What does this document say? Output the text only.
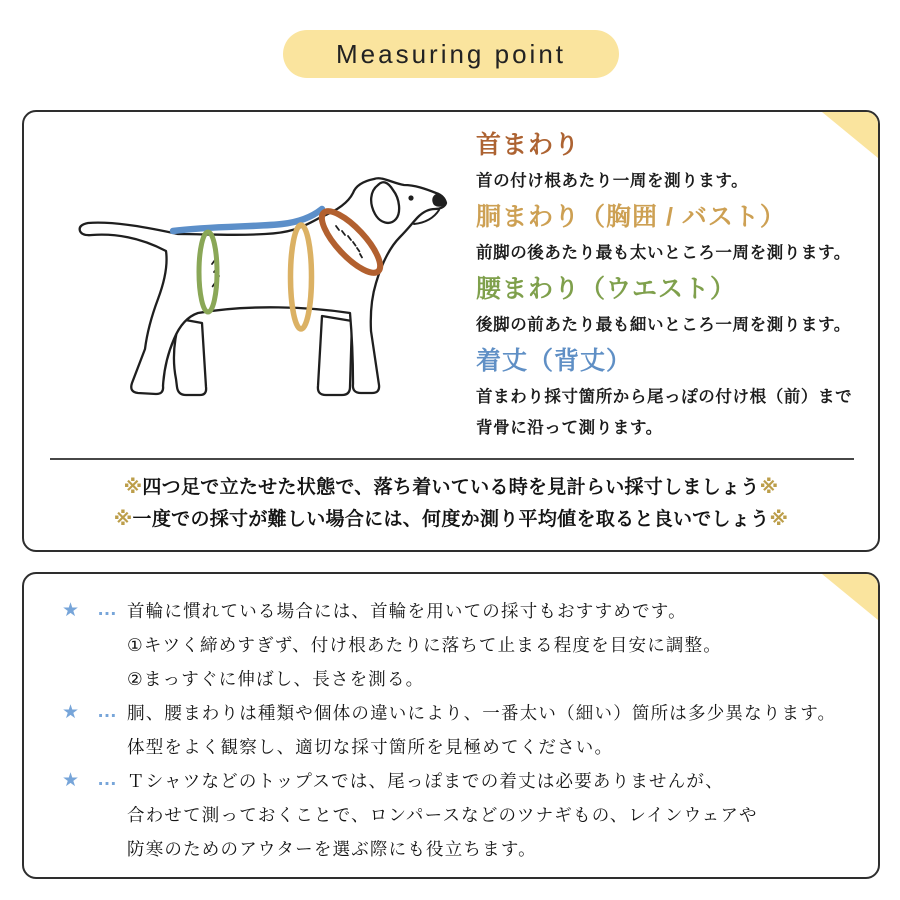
Measuring point
首まわり

首の付け根あたり一周を測ります。

胴まわり（胸囲 / バスト）

前脚の後あたり最も太いところ一周を測ります。

腰まわり（ウエスト）

後脚の前あたり最も細いところ一周を測ります。

着丈（背丈）

首まわり採寸箇所から尾っぽの付け根（前）まで

背骨に沿って測ります。

※四つ足で立たせた状態で、落ち着いている時を見計らい採寸しましょう※
※一度での採寸が難しい場合には、何度か測り平均値を取ると良いでしょう※
★ … 首輪に慣れている場合には、首輪を用いての採寸もおすすめです。
①キツく締めすぎず、付け根あたりに落ちて止まる程度を目安に調整。
②まっすぐに伸ばし、長さを測る。
★ … 胴、腰まわりは種類や個体の違いにより、一番太い（細い）箇所は多少異なります。
体型をよく観察し、適切な採寸箇所を見極めてください。
★ … Ｔシャツなどのトップスでは、尾っぽまでの着丈は必要ありませんが、
合わせて測っておくことで、ロンパースなどのツナギもの、レインウェアや
防寒のためのアウターを選ぶ際にも役立ちます。
